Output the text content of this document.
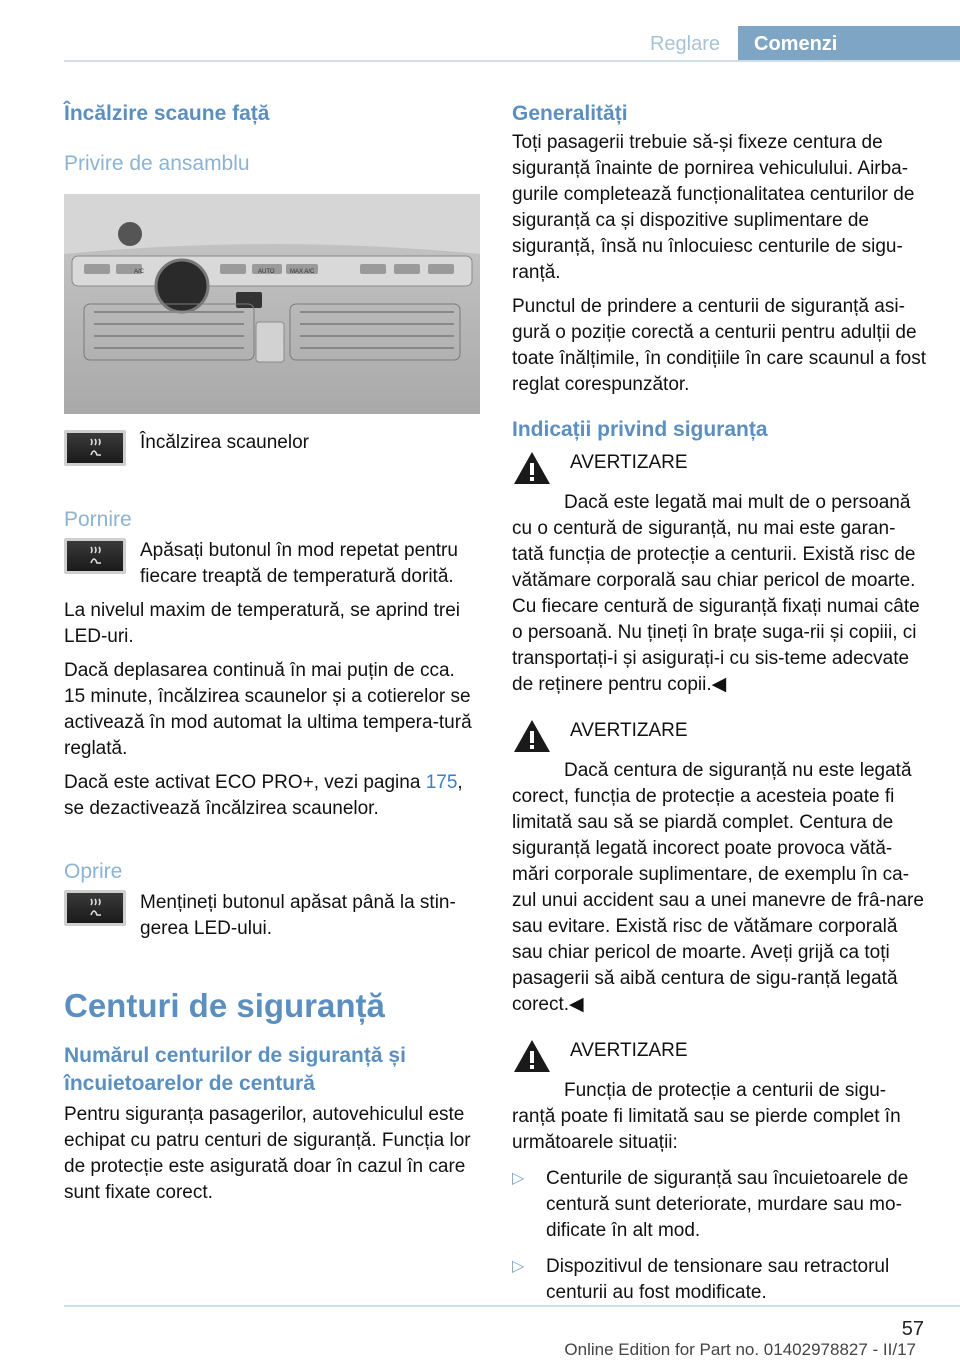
Reglare	Comenzi
Încălzire scaune față
Privire de ansamblu
A/C	AUTO	MAX A/C

Încălzirea scaunelor

Pornire

Apăsați butonul în mod repetat pentru fiecare treaptă de temperatură dorită.

La nivelul maxim de temperatură, se aprind trei LED-uri.

Dacă deplasarea continuă în mai puțin de cca. 15 minute, încălzirea scaunelor și a cotierelor se activează în mod automat la ultima tempera-tură reglată.

Dacă este activat ECO PRO+, vezi pagina 175, se dezactivează încălzirea scaunelor.

Oprire

Mențineți butonul apăsat până la stin-gerea LED-ului.

Centuri de siguranță
Numărul centurilor de siguranță și încuietoarelor de centură

Pentru siguranța pasagerilor, autovehiculul este echipat cu patru centuri de siguranță. Funcția lor de protecție este asigurată doar în cazul în care sunt fixate corect.

Generalități

Toți pasagerii trebuie să-și fixeze centura de siguranță înainte de pornirea vehiculului. Airba-gurile completează funcționalitatea centurilor de siguranță ca și dispozitive suplimentare de siguranță, însă nu înlocuiesc centurile de sigu-ranță.

Punctul de prindere a centurii de siguranță asi-gură o poziție corectă a centurii pentru adulții de toate înălțimile, în condițiile în care scaunul a fost reglat corespunzător.

Indicații privind siguranța

AVERTIZARE

Dacă este legată mai mult de o persoană cu o centură de siguranță, nu mai este garan-tată funcția de protecție a centurii. Există risc de vătămare corporală sau chiar pericol de moarte. Cu fiecare centură de siguranță fixați numai câte o persoană. Nu țineți în brațe suga-rii și copiii, ci transportați-i și asigurați-i cu sis-teme adecvate de reținere pentru copii.◀

AVERTIZARE

Dacă centura de siguranță nu este legată corect, funcția de protecție a acesteia poate fi limitată sau să se piardă complet. Centura de siguranță legată incorect poate provoca vătă-mări corporale suplimentare, de exemplu în ca-zul unui accident sau a unei manevre de frâ-nare sau evitare. Există risc de vătămare corporală sau chiar pericol de moarte. Aveți grijă ca toți pasagerii să aibă centura de sigu-ranță legată corect.◀

AVERTIZARE

Funcția de protecție a centurii de sigu-ranță poate fi limitată sau se pierde complet în următoarele situații:

▷	Centurile de siguranță sau încuietoarele de centură sunt deteriorate, murdare sau mo-dificate în alt mod.

▷	Dispozitivul de tensionare sau retractorul centurii au fost modificate.

57
Online Edition for Part no. 01402978827 - II/17
